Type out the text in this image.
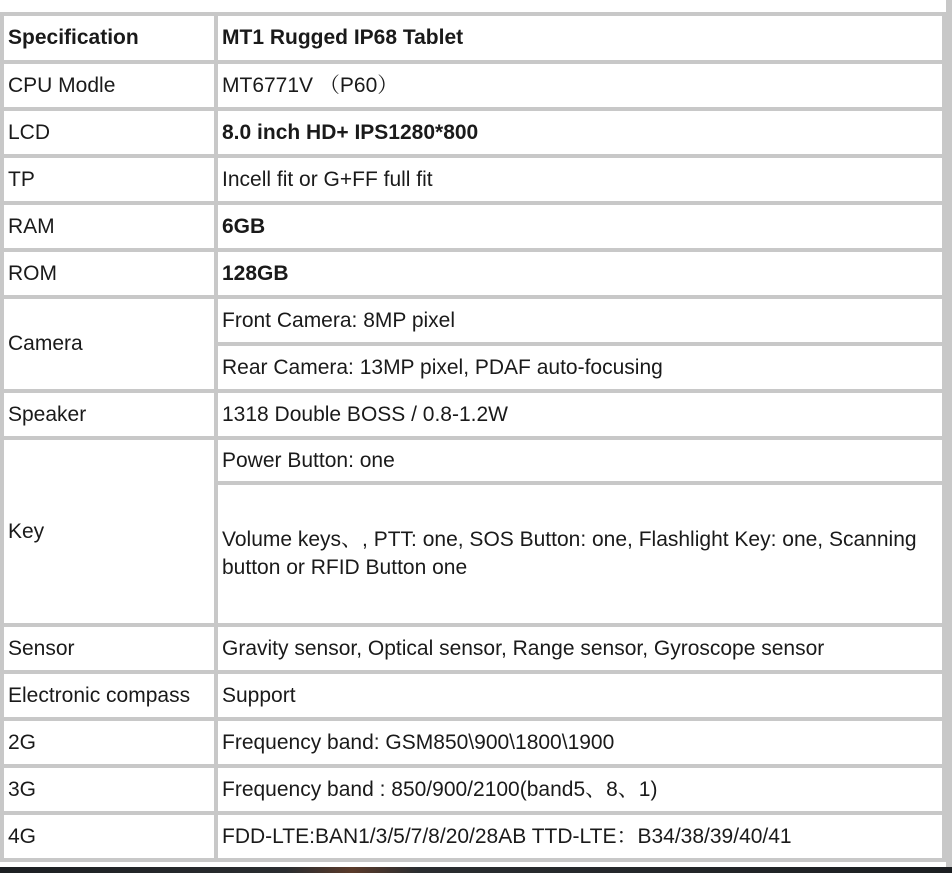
Specification	MT1 Rugged IP68 Tablet
CPU Modle	MT6771V （P60）
LCD	8.0 inch HD+ IPS1280*800
TP	Incell fit or G+FF full fit
RAM	6GB
ROM	128GB
Camera	Front Camera: 8MP pixel
	Rear Camera: 13MP pixel, PDAF auto-focusing
Speaker	1318 Double BOSS / 0.8-1.2W
Key	Power Button: one
	Volume keys、, PTT: one, SOS Button: one, Flashlight Key: one, Scanning button or RFID Button one
Sensor	Gravity sensor, Optical sensor, Range sensor, Gyroscope sensor
Electronic compass	Support
2G	Frequency band: GSM850\900\1800\1900
3G	Frequency band : 850/900/2100(band5、8、1)
4G	FDD-LTE:BAN1/3/5/7/8/20/28AB TTD-LTE：B34/38/39/40/41
